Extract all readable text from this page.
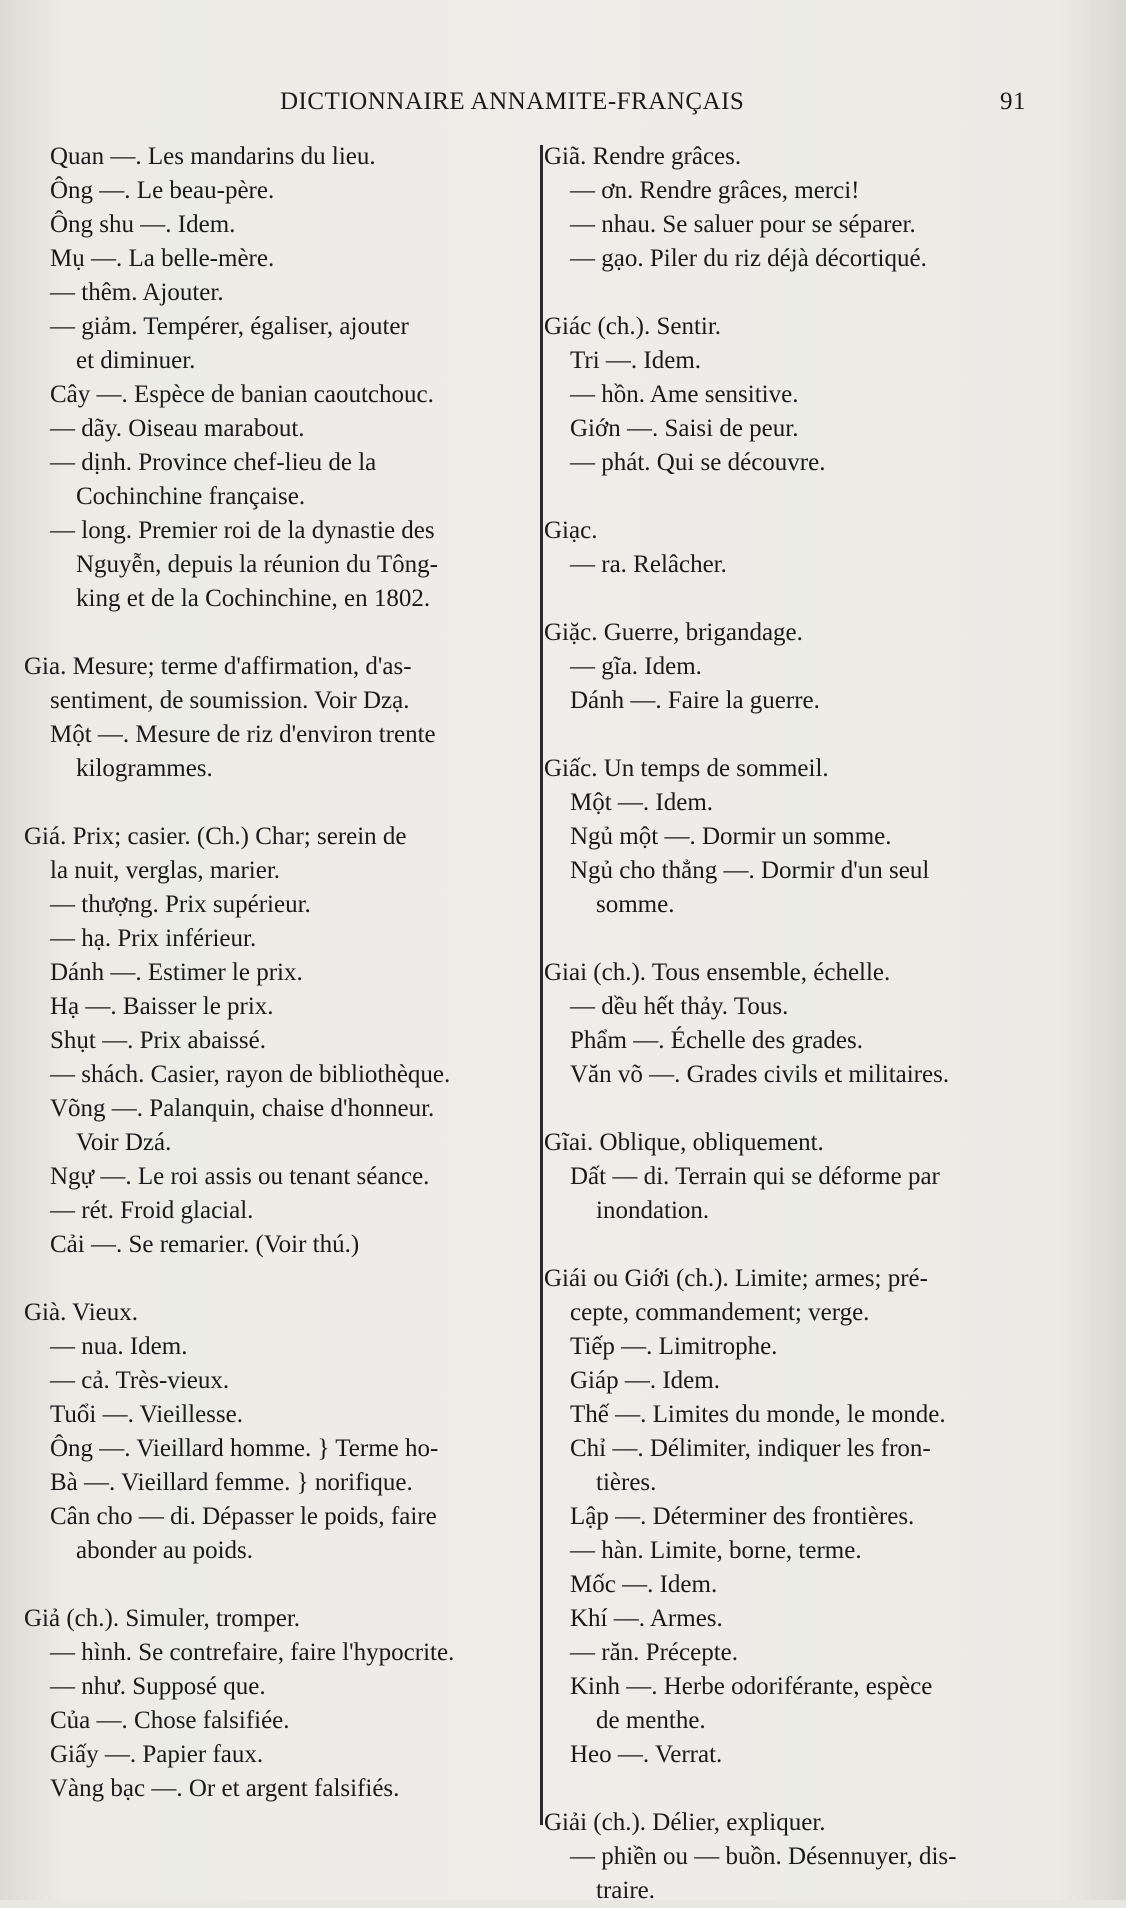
DICTIONNAIRE ANNAMITE-FRANÇAIS	91
Quan —. Les mandarins du lieu.
Ông —. Le beau-père.
Ông shu —. Idem.
Mụ —. La belle-mère.
— thêm. Ajouter.
— giảm. Tempérer, égaliser, ajouter
et diminuer.
Cây —. Espèce de banian caoutchouc.
— dãy. Oiseau marabout.
— dịnh. Province chef-lieu de la
Cochinchine française.
— long. Premier roi de la dynastie des
Nguyễn, depuis la réunion du Tông-
king et de la Cochinchine, en 1802.
Gia. Mesure; terme d'affirmation, d'as-
sentiment, de soumission. Voir Dzạ.
Một —. Mesure de riz d'environ trente
kilogrammes.
Giá. Prix; casier. (Ch.) Char; serein de
la nuit, verglas, marier.
— thượng. Prix supérieur.
— hạ. Prix inférieur.
Dánh —. Estimer le prix.
Hạ —. Baisser le prix.
Shụt —. Prix abaissé.
— shách. Casier, rayon de bibliothèque.
Võng —. Palanquin, chaise d'honneur.
Voir Dzá.
Ngự —. Le roi assis ou tenant séance.
— rét. Froid glacial.
Cải —. Se remarier. (Voir thú.)
Già. Vieux.
— nua. Idem.
— cả. Très-vieux.
Tuổi —. Vieillesse.
Ông —. Vieillard homme. } Terme ho-
Bà —. Vieillard femme. } norifique.
Cân cho — di. Dépasser le poids, faire
abonder au poids.
Giả (ch.). Simuler, tromper.
— hình. Se contrefaire, faire l'hypocrite.
— như. Supposé que.
Của —. Chose falsifiée.
Giấy —. Papier faux.
Vàng bạc —. Or et argent falsifiés.
Giã. Rendre grâces.
— ơn. Rendre grâces, merci!
— nhau. Se saluer pour se séparer.
— gạo. Piler du riz déjà décortiqué.
Giác (ch.). Sentir.
Tri —. Idem.
— hồn. Ame sensitive.
Giớn —. Saisi de peur.
— phát. Qui se découvre.
Giạc.
— ra. Relâcher.
Giặc. Guerre, brigandage.
— gĩa. Idem.
Dánh —. Faire la guerre.
Giấc. Un temps de sommeil.
Một —. Idem.
Ngủ một —. Dormir un somme.
Ngủ cho thẳng —. Dormir d'un seul
somme.
Giai (ch.). Tous ensemble, échelle.
— dều hết thảy. Tous.
Phẩm —. Échelle des grades.
Văn võ —. Grades civils et militaires.
Gĩai. Oblique, obliquement.
Dất — di. Terrain qui se déforme par
inondation.
Giái ou Giới (ch.). Limite; armes; pré-
cepte, commandement; verge.
Tiếp —. Limitrophe.
Giáp —. Idem.
Thế —. Limites du monde, le monde.
Chỉ —. Délimiter, indiquer les fron-
tières.
Lập —. Déterminer des frontières.
— hàn. Limite, borne, terme.
Mốc —. Idem.
Khí —. Armes.
— răn. Précepte.
Kinh —. Herbe odoriférante, espèce
de menthe.
Heo —. Verrat.
Giải (ch.). Délier, expliquer.
— phiền ou — buồn. Désennuyer, dis-
traire.
